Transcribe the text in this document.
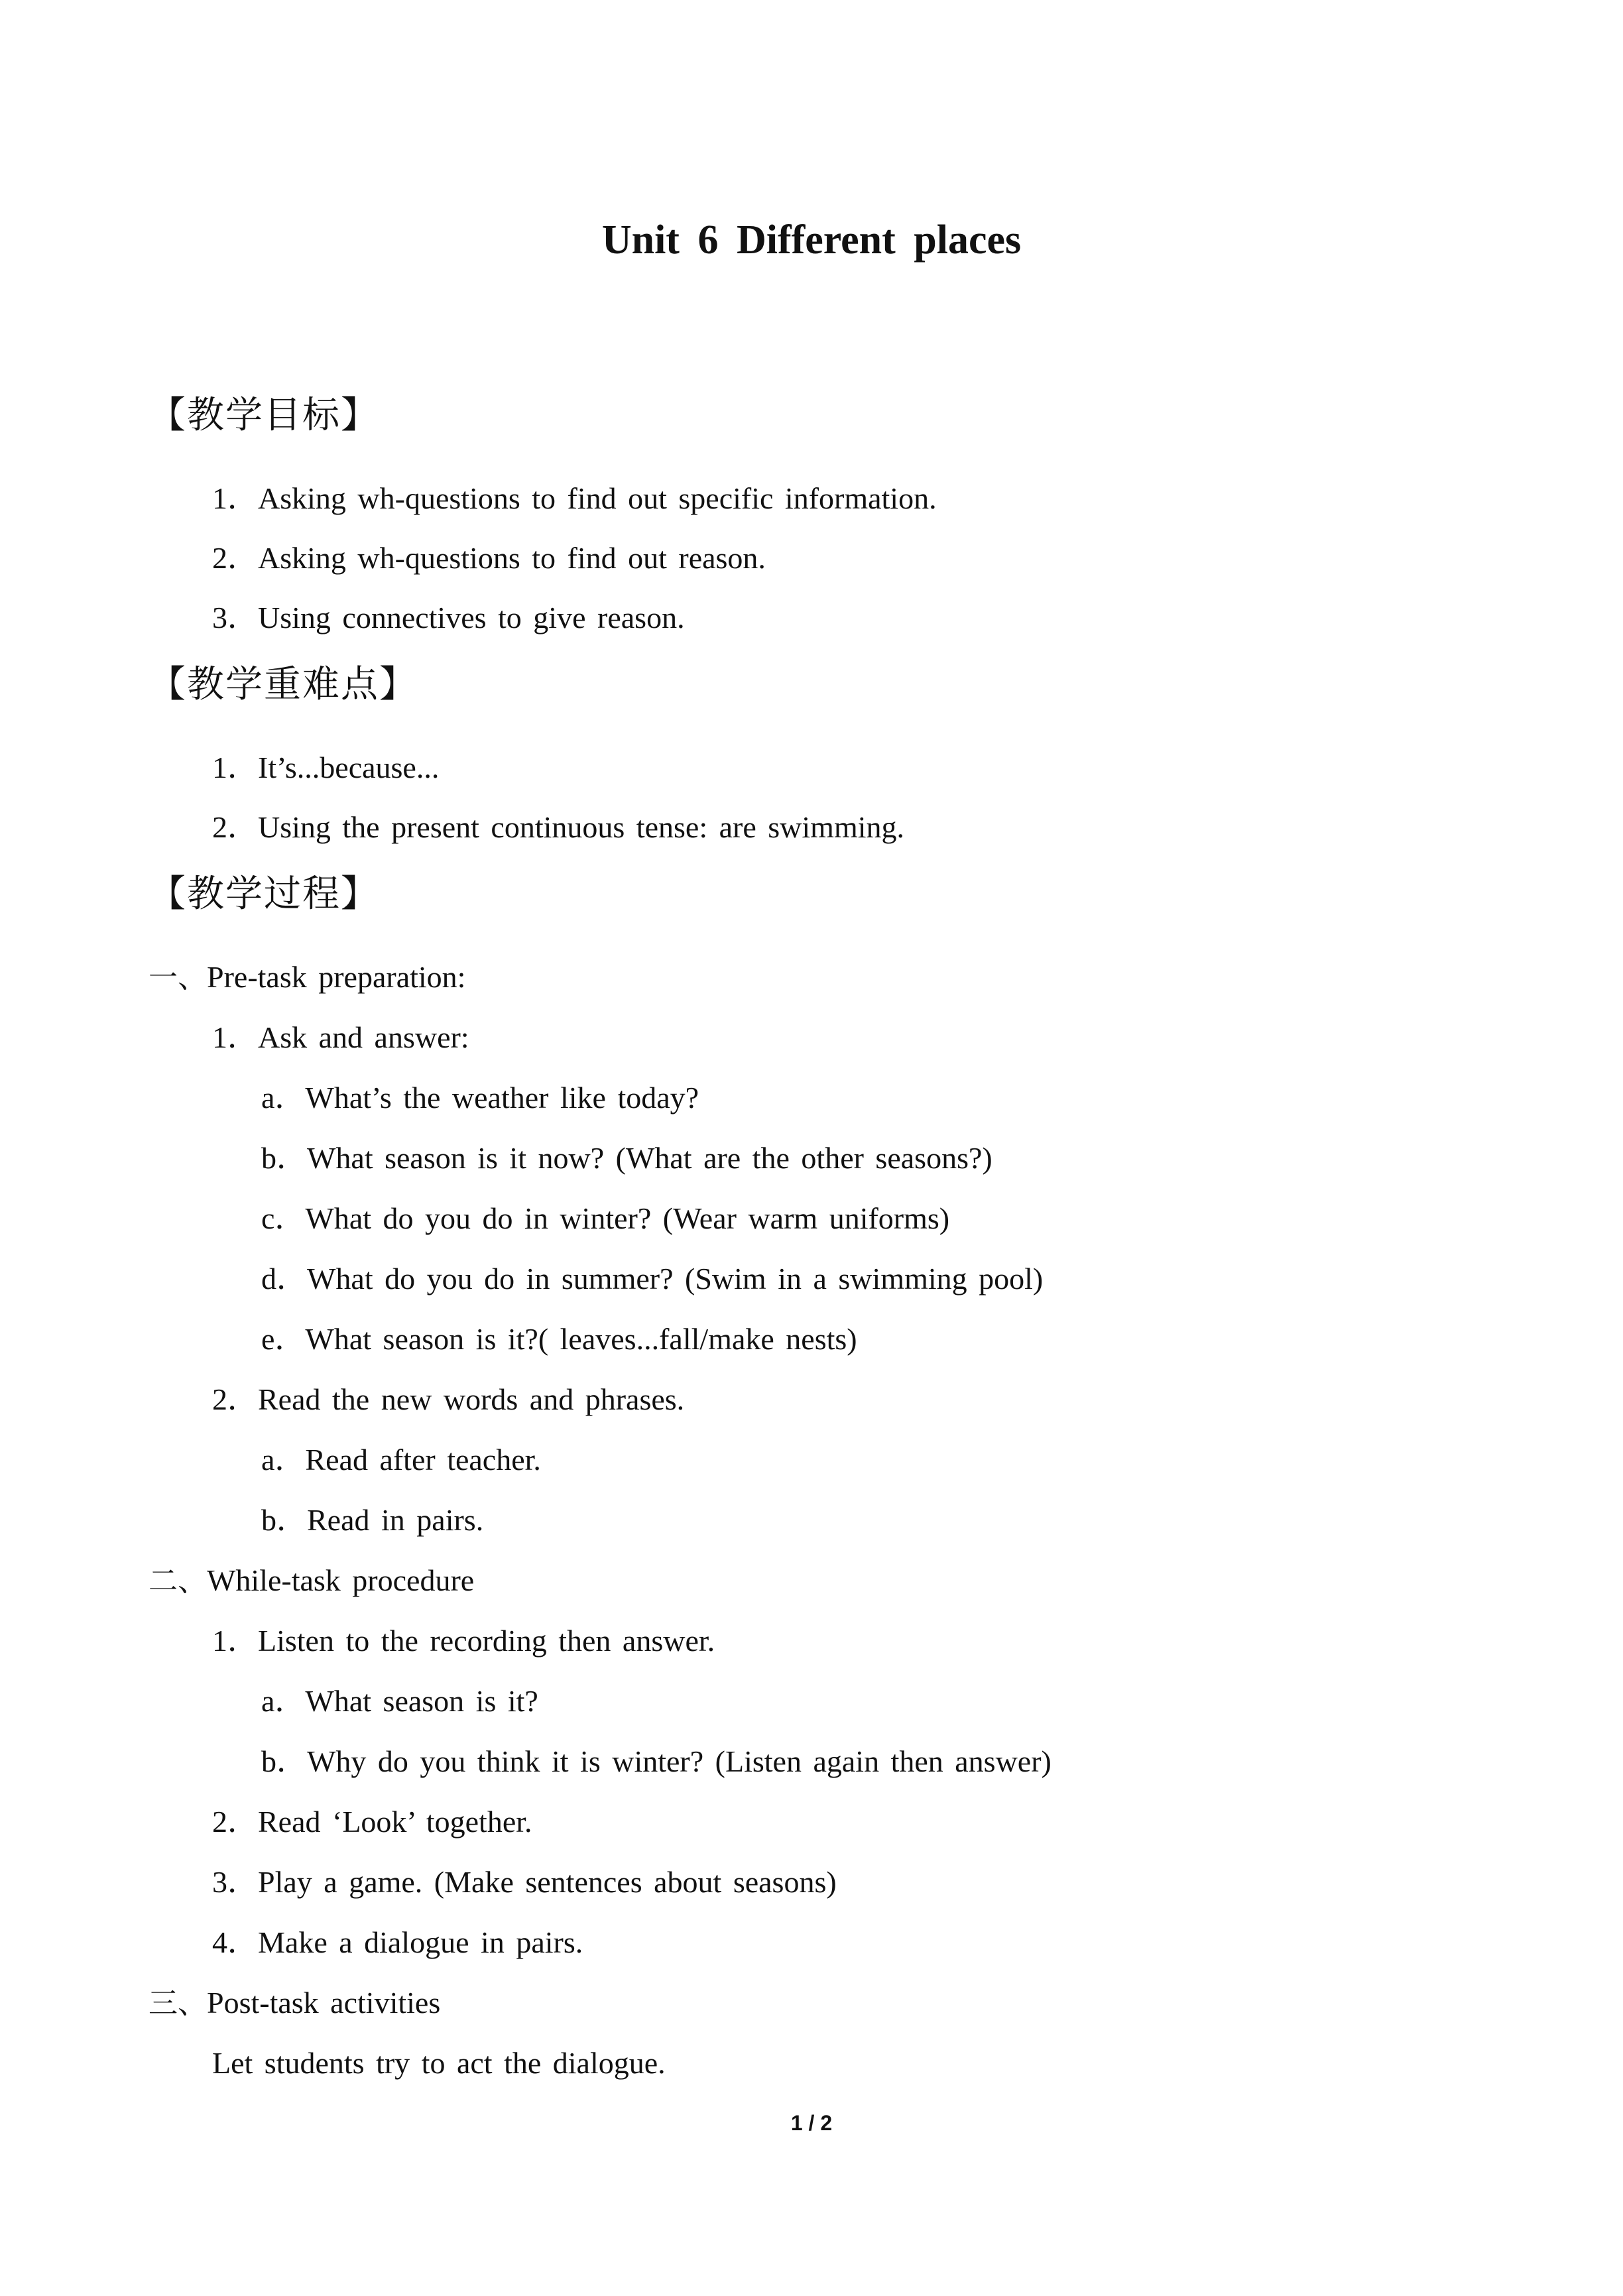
Unit 6 Different places
【教学目标】
1．Asking wh-questions to find out specific information.
2．Asking wh-questions to find out reason.
3．Using connectives to give reason.
【教学重难点】
1．It’s...because...
2．Using the present continuous tense: are swimming.
【教学过程】
一、Pre-task preparation:
1．Ask and answer:
a．What’s the weather like today?
b．What season is it now? (What are the other seasons?)
c．What do you do in winter? (Wear warm uniforms)
d．What do you do in summer? (Swim in a swimming pool)
e．What season is it?( leaves...fall/make nests)
2．Read the new words and phrases.
a．Read after teacher.
b．Read in pairs.
二、While-task procedure
1．Listen to the recording then answer.
a．What season is it?
b．Why do you think it is winter? (Listen again then answer)
2．Read ‘Look’ together.
3．Play a game. (Make sentences about seasons)
4．Make a dialogue in pairs.
三、Post-task activities
Let students try to act the dialogue.
1 / 2
